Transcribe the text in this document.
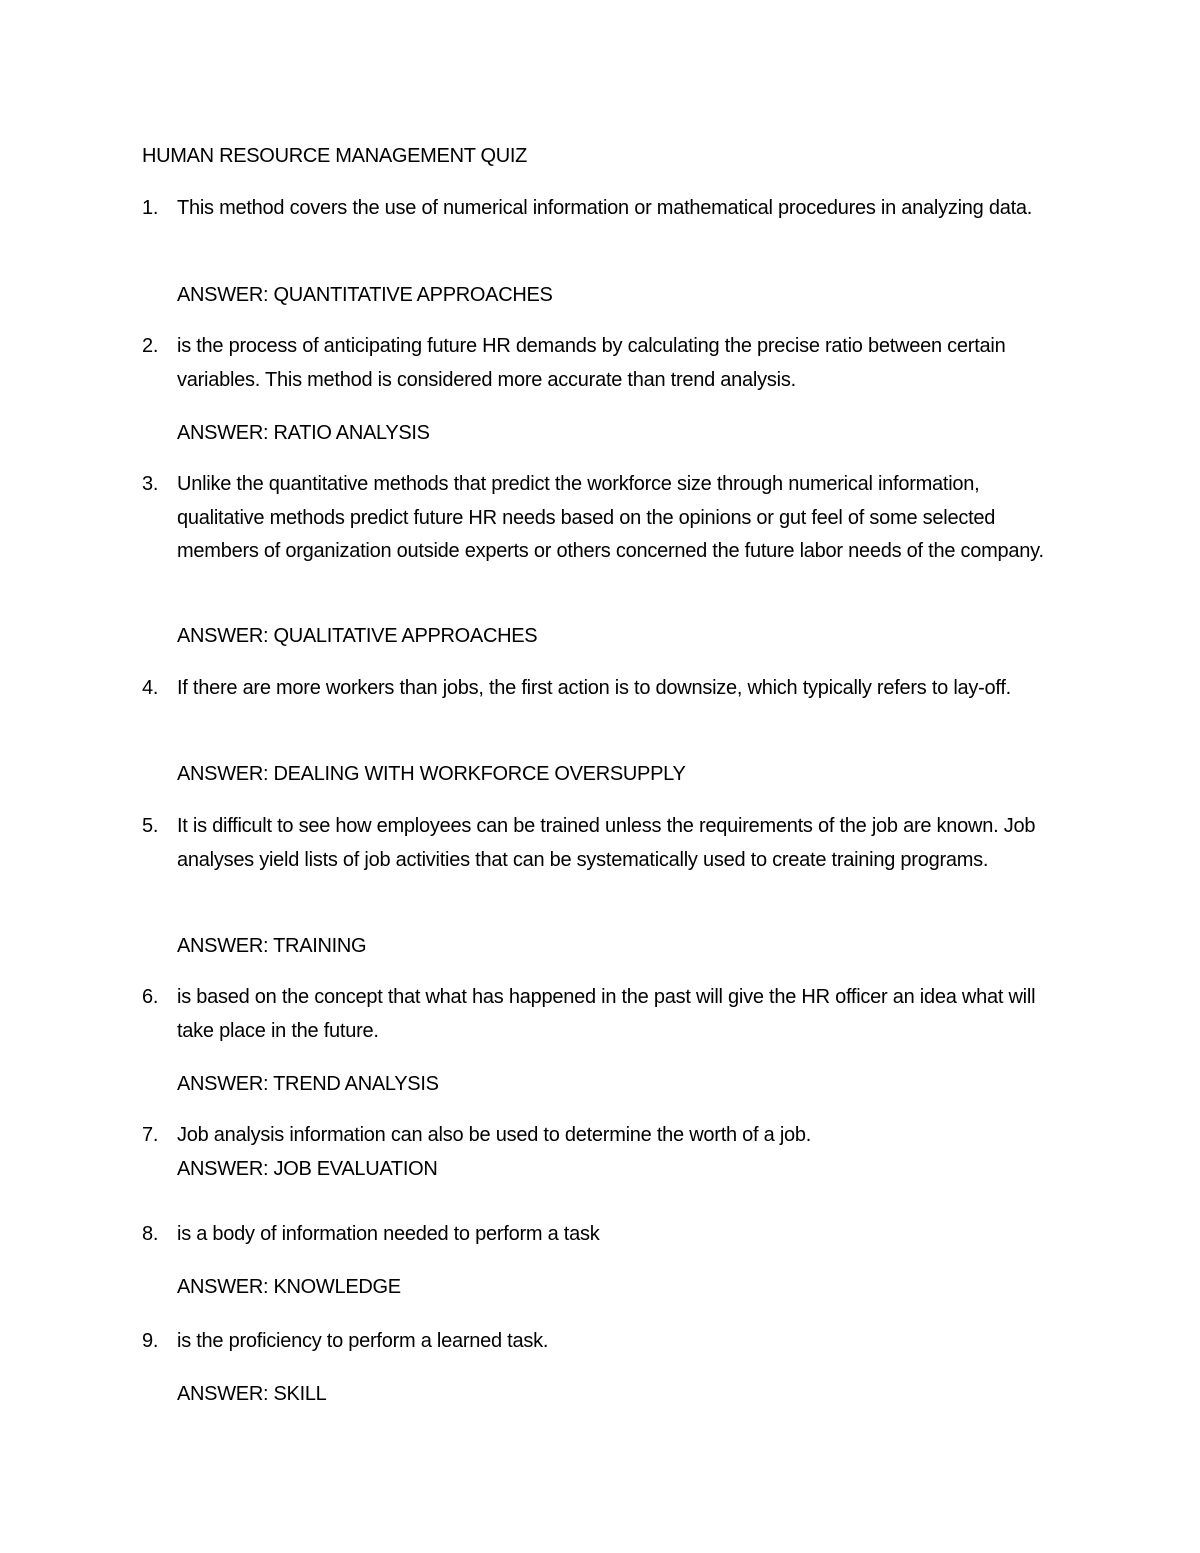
HUMAN RESOURCE MANAGEMENT QUIZ
1. This method covers the use of numerical information or mathematical procedures in analyzing data.
ANSWER: QUANTITATIVE APPROACHES
2. is the process of anticipating future HR demands by calculating the precise ratio between certain variables. This method is considered more accurate than trend analysis.
ANSWER: RATIO ANALYSIS
3. Unlike the quantitative methods that predict the workforce size through numerical information, qualitative methods predict future HR needs based on the opinions or gut feel of some selected members of organization outside experts or others concerned the future labor needs of the company.
ANSWER: QUALITATIVE APPROACHES
4. If there are more workers than jobs, the first action is to downsize, which typically refers to lay-off.
ANSWER: DEALING WITH WORKFORCE OVERSUPPLY
5. It is difficult to see how employees can be trained unless the requirements of the job are known. Job analyses yield lists of job activities that can be systematically used to create training programs.
ANSWER: TRAINING
6. is based on the concept that what has happened in the past will give the HR officer an idea what will take place in the future.
ANSWER: TREND ANALYSIS
7. Job analysis information can also be used to determine the worth of a job.
ANSWER: JOB EVALUATION
8. is a body of information needed to perform a task
ANSWER: KNOWLEDGE
9. is the proficiency to perform a learned task.
ANSWER: SKILL
